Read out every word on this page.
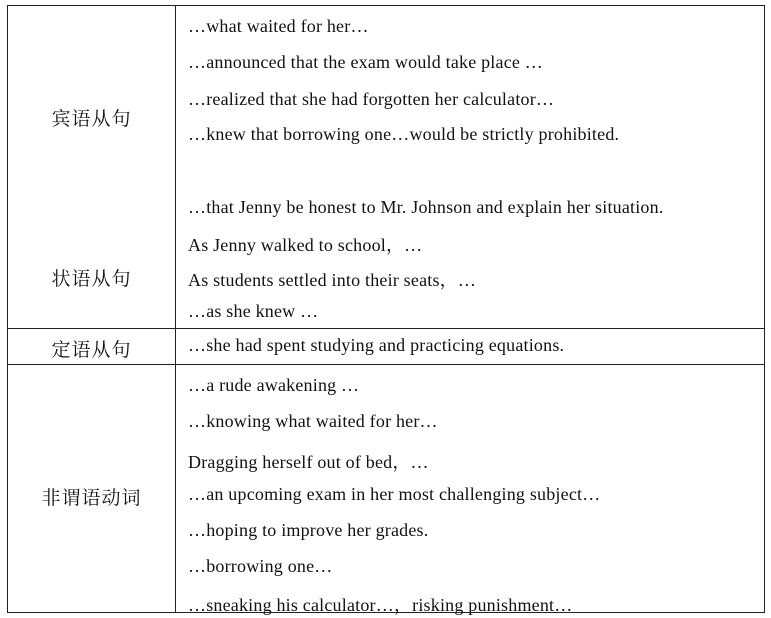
宾语从句
…what waited for her…
…announced that the exam would take place …
…realized that she had forgotten her calculator…
…knew that borrowing one…would be strictly prohibited.
状语从句
…that Jenny be honest to Mr. Johnson and explain her situation.
As Jenny walked to school，…
As students settled into their seats，…
…as she knew …
定语从句	…she had spent studying and practicing equations.
非谓语动词
…a rude awakening …
…knowing what waited for her…
Dragging herself out of bed，…
…an upcoming exam in her most challenging subject…
…hoping to improve her grades.
…borrowing one…
…sneaking his calculator…，risking punishment…
